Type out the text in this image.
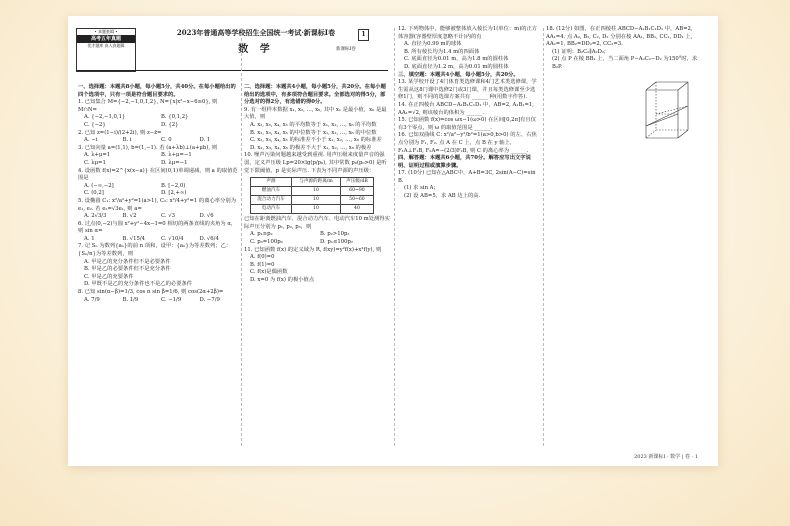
• 真题套辑 •
高考五年真题
优才题库 真人真题辑
2023年普通高等学校招生全国统一考试·新课标Ⅰ卷	1
数 学	新课标Ⅰ卷
一、选择题：本题共8小题，每小题5分，共40分。在每小题给出的四个选项中，只有一项是符合题目要求的。
1. 已知集合 M={−2,−1,0,1,2}, N={x|x²−x−6≥0}, 则 M∩N=
A. {−2,−1,0,1}	B. {0,1,2}
C. {−2}	D. {2}
2. 已知 z=(1−i)/(2+2i), 则 z−z̄=
A. −i	B. i	C. 0	D. 1
3. 已知向量 a=(1,1), b=(1,−1). 若 (a+λb)⊥(a+μb), 则
A. λ+μ=1	B. λ+μ=−1
C. λμ=1	D. λμ=−1
4. 设函数 f(x)=2^{x(x−a)} 在区间(0,1)单调递减，则 a 的取值范围是
A. (−∞,−2]	B. [−2,0)
C. (0,2]	D. [2,+∞)
5. 设椭圆 C₁: x²/a²+y²=1(a>1), C₂: x²/4+y²=1 的离心率分别为 e₁, e₂. 若 e₂=√3e₁, 则 a=
A. 2√3/3	B. √2	C. √3	D. √6
6. 过点(0,−2)与圆 x²+y²−4x−1=0 相切的两条直线的夹角为 α，则 sin α=
A. 1	B. √15/4	C. √10/4	D. √6/4
7. 记 Sₙ 为数列{aₙ}的前 n 项和，设甲：{aₙ}为等差数列；乙：{Sₙ/n}为等差数列，则
A. 甲是乙的充分条件但不是必要条件
B. 甲是乙的必要条件但不是充分条件
C. 甲是乙的充要条件
D. 甲既不是乙的充分条件也不是乙的必要条件
8. 已知 sin(α−β)=1/3, cos α sin β=1/6, 则 cos(2α+2β)=
A. 7/9	B. 1/9	C. −1/9	D. −7/9
二、选择题：本题共4小题，每小题5分，共20分。在每小题给出的选项中，有多项符合题目要求。全部选对的得5分，部分选对的得2分，有选错的得0分。
9. 有一组样本数据 x₁, x₂, …, x₆, 其中 x₁ 是最小值，x₆ 是最大值，则
A. x₂, x₃, x₄, x₅ 的平均数等于 x₁, x₂, …, x₆ 的平均数
B. x₂, x₃, x₄, x₅ 的中位数等于 x₁, x₂, …, x₆ 的中位数
C. x₂, x₃, x₄, x₅ 的标准差不小于 x₁, x₂, …, x₆ 的标准差
D. x₂, x₃, x₄, x₅ 的极差不大于 x₁, x₂, …, x₆ 的极差
10. 噪声污染问题越来越受到重视. 用声压级来度量声音的强弱，定义声压级 Lp=20×lg(p/p₀), 其中常数 p₀(p₀>0) 是听觉下限阈值，p 是实际声压. 下表为不同声源的声压级：
声源	与声源的距离/m	声压级/dB
燃油汽车	10	60~90
混合动力汽车	10	50~60
电动汽车	10	40
已知在距离燃油汽车、混合动力汽车、电动汽车10 m处测得实际声压分别为 p₁, p₂, p₃，则
A. p₁≥p₂	B. p₂>10p₃
C. p₃=100p₀	D. p₁≤100p₂
11. 已知函数 f(x) 的定义域为 R, f(xy)=y²f(x)+x²f(y), 则
A. f(0)=0
B. f(1)=0
C. f(x)是偶函数
D. x=0 为 f(x) 的极小值点
12. 下列物体中，能够被整体放入棱长为1(单位：m)的正方体容器(容器壁厚度忽略不计)内的有
A. 直径为0.99 m的球体
B. 所有棱长均为1.4 m的四面体
C. 底面直径为0.01 m，高为1.8 m的圆柱体
D. 底面直径为1.2 m，高为0.01 m的圆柱体
三、填空题：本题共4小题，每小题5分，共20分。
13. 某学校开设了4门体育类选修课和4门艺术类选修课，学生需从这8门课中选修2门或3门课，并且每类选修课至少选修1门，则不同的选课方案共有 ______ 种(用数字作答).
14. 在正四棱台 ABCD−A₁B₁C₁D₁ 中，AB=2, A₁B₁=1, AA₁=√2, 则该棱台的体积为 ______.
15. 已知函数 f(x)=cos ωx−1(ω>0) 在区间[0,2π]有且仅有3个零点，则 ω 的取值范围是 ______.
16. 已知双曲线 C: x²/a²−y²/b²=1(a>0,b>0) 的左、右焦点分别为 F₁, F₂. 点 A 在 C 上，点 B 在 y 轴上，F₁A⊥F₁B, F₂A=−(2/3)F₂B, 则 C 的离心率为 ______.
四、解答题：本题共6小题，共70分。解答应写出文字说明、证明过程或演算步骤。
17. (10分) 已知在△ABC中，A+B=3C, 2sin(A−C)=sin B.
(1) 求 sin A;
(2) 设 AB=5，求 AB 边上的高.
18. (12分) 如图，在正四棱柱 ABCD−A₁B₁C₁D₁ 中，AB=2, AA₁=4. 点 A₂, B₂, C₂, D₂ 分别在棱 AA₁, BB₁, CC₁, DD₁ 上，AA₂=1, BB₂=DD₂=2, CC₂=3.
(1) 证明：B₂C₂∥A₂D₂;
(2) 点 P 在棱 BB₁ 上，当二面角 P−A₂C₂−D₂ 为150°时，求 B₂P.
2023 新课标Ⅰ · 数学 | 卷 · 1
